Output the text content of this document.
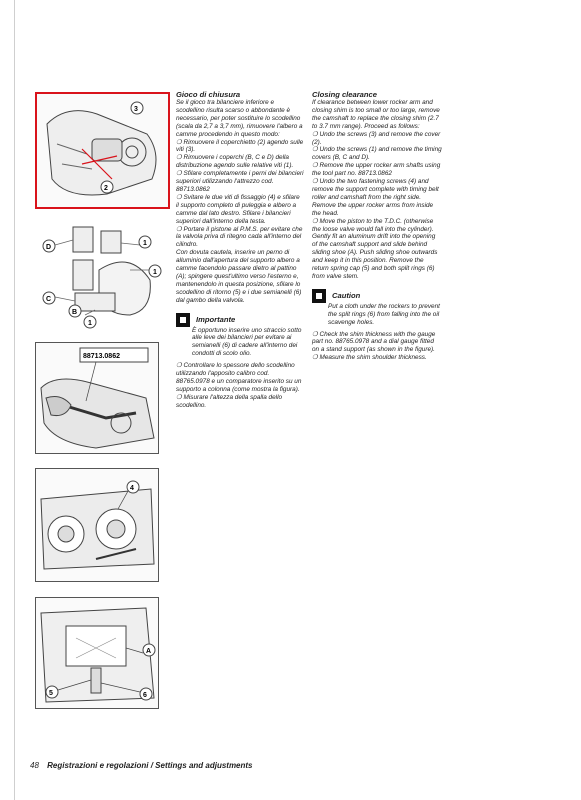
3
2
D
1
C
B
1
1
88713.0862
4
A
5	6

Gioco di chiusura

Se il gioco tra bilanciere inferiore e scodellino risulta scarso o abbondante è necessario, per poter sostituire lo scodellino (scala da 2,7 a 3,7 mm), rimuovere l'albero a camme procedendo in questo modo:

❍ Rimuovere il coperchietto (2) agendo sulle viti (3).

❍ Rimuovere i coperchi (B, C e D) della distribuzione agendo sulle relative viti (1).

❍ Sfilare completamente i perni dei bilancieri superiori utilizzando l'attrezzo cod. 88713.0862

❍ Svitare le due viti di fissaggio (4) e sfilare il supporto completo di puleggia e albero a camme dal lato destro. Sfilare i bilancieri superiori dall'interno della testa.

❍ Portare il pistone al P.M.S. per evitare che la valvola priva di ritegno cada all'interno del cilindro.

Con dovuta cautela, inserire un perno di alluminio dall'apertura del supporto albero a camme facendolo passare dietro al pattino (A); spingere quest'ultimo verso l'esterno e, mantenendolo in questa posizione, sfilare lo scodellino di ritorno (5) e i due semianelli (6) dal gambo della valvola.

Importante

È opportuno inserire uno straccio sotto alle leve dei bilancieri per evitare ai semianelli (6) di cadere all'interno dei condotti di scolo olio.

❍ Controllare lo spessore dello scodellino utilizzando l'apposito calibro cod. 88765.0978 e un comparatore inserito su un supporto a colonna (come mostra la figura).

❍ Misurare l'altezza della spalla dello scodellino.

Closing clearance

If clearance between lower rocker arm and closing shim is too small or too large, remove the camshaft to replace the closing shim (2.7 to 3.7 mm range). Proceed as follows:

❍ Undo the screws (3) and remove the cover (2).

❍ Undo the screws (1) and remove the timing covers (B, C and D).

❍ Remove the upper rocker arm shafts using the tool part no. 88713.0862

❍ Undo the two fastening screws (4) and remove the support complete with timing belt roller and camshaft from the right side. Remove the upper rocker arms from inside the head.

❍ Move the piston to the T.D.C. (otherwise the loose valve would fall into the cylinder).

Gently fit an aluminum drift into the opening of the camshaft support and slide behind sliding shoe (A). Push sliding shoe outwards and keep it in this position. Remove the return spring cap (5) and both split rings (6) from valve stem.

Caution

Put a cloth under the rockers to prevent the split rings (6) from falling into the oil scavenge holes.

❍ Check the shim thickness with the gauge part no. 88765.0978 and a dial gauge fitted on a stand support (as shown in the figure).

❍ Measure the shim shoulder thickness.

48 Registrazioni e regolazioni / Settings and adjustments
